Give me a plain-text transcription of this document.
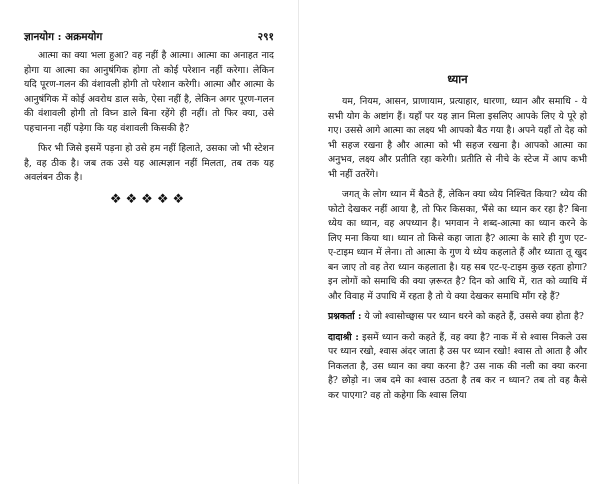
ज्ञानयोग : अक्रमयोग	२९१

आत्मा का क्या भला हुआ? वह नहीं है आत्मा। आत्मा का अनाहत नाद होगा या आत्मा का आनुषंगिक होगा तो कोई परेशान नहीं करेगा। लेकिन यदि पूरण-गलन की वंशावली होगी तो परेशान करेगी। आत्मा और आत्मा के आनुषंगिक में कोई अवरोध डाल सके, ऐसा नहीं है, लेकिन अगर पूरण-गलन की वंशावली होगी तो विघ्न डाले बिना रहेंगे ही नहीं। तो फिर क्या, उसे पहचानना नहीं पड़ेगा कि यह वंशावली किसकी है?

फिर भी जिसे इसमें पड़ना हो उसे हम नहीं हिलाते, उसका जो भी स्टेशन है, वह ठीक है। जब तक उसे यह आत्मज्ञान नहीं मिलता, तब तक यह अवलंबन ठीक है।

❖❖❖❖❖
ध्यान

यम, नियम, आसन, प्राणायाम, प्रत्याहार, धारणा, ध्यान और समाधि - ये सभी योग के अष्टांग हैं। यहाँ पर यह ज्ञान मिला इसलिए आपके लिए ये पूरे हो गए। उससे आगे आत्मा का लक्ष्य भी आपको बैठ गया है। अपने यहाँ तो देह को भी सहज रखना है और आत्मा को भी सहज रखना है। आपको आत्मा का अनुभव, लक्ष्य और प्रतीति रहा करेगी। प्रतीति से नीचे के स्टेज में आप कभी भी नहीं उतरेंगे।

जगत् के लोग ध्यान में बैठते हैं, लेकिन क्या ध्येय निश्चित किया? ध्येय की फोटो देखकर नहीं आया है, तो फिर किसका, भैंसे का ध्यान कर रहा है? बिना ध्येय का ध्यान, वह अपध्यान है। भगवान ने शब्द-आत्मा का ध्यान करने के लिए मना किया था। ध्यान तो किसे कहा जाता है? आत्मा के सारे ही गुण एट-ए-टाइम ध्यान में लेना। तो आत्मा के गुण ये ध्येय कहलाते हैं और ध्याता तू खुद बन जाए तो वह तेरा ध्यान कहलाता है। यह सब एट-ए-टाइम कुछ रहता होगा? इन लोगों को समाधि की क्या ज़रूरत है? दिन को आधि में, रात को व्याधि में और विवाह में उपाधि में रहता है तो ये क्या देखकर समाधि माँग रहे हैं?

प्रश्नकर्ता : ये जो श्वासोच्छ्वास पर ध्यान धरने को कहते हैं, उससे क्या होता है?

दादाश्री : इसमें ध्यान करो कहते हैं, वह क्या है? नाक में से श्वास निकले उस पर ध्यान रखो, श्वास अंदर जाता है उस पर ध्यान रखो! श्वास तो आता है और निकलता है, उस ध्यान का क्या करना है? उस नाक की नली का क्या करना है? छोड़ो न। जब दमे का श्वास उठता है तब कर न ध्यान? तब तो वह कैसे कर पाएगा? वह तो कहेगा कि श्वास लिया
